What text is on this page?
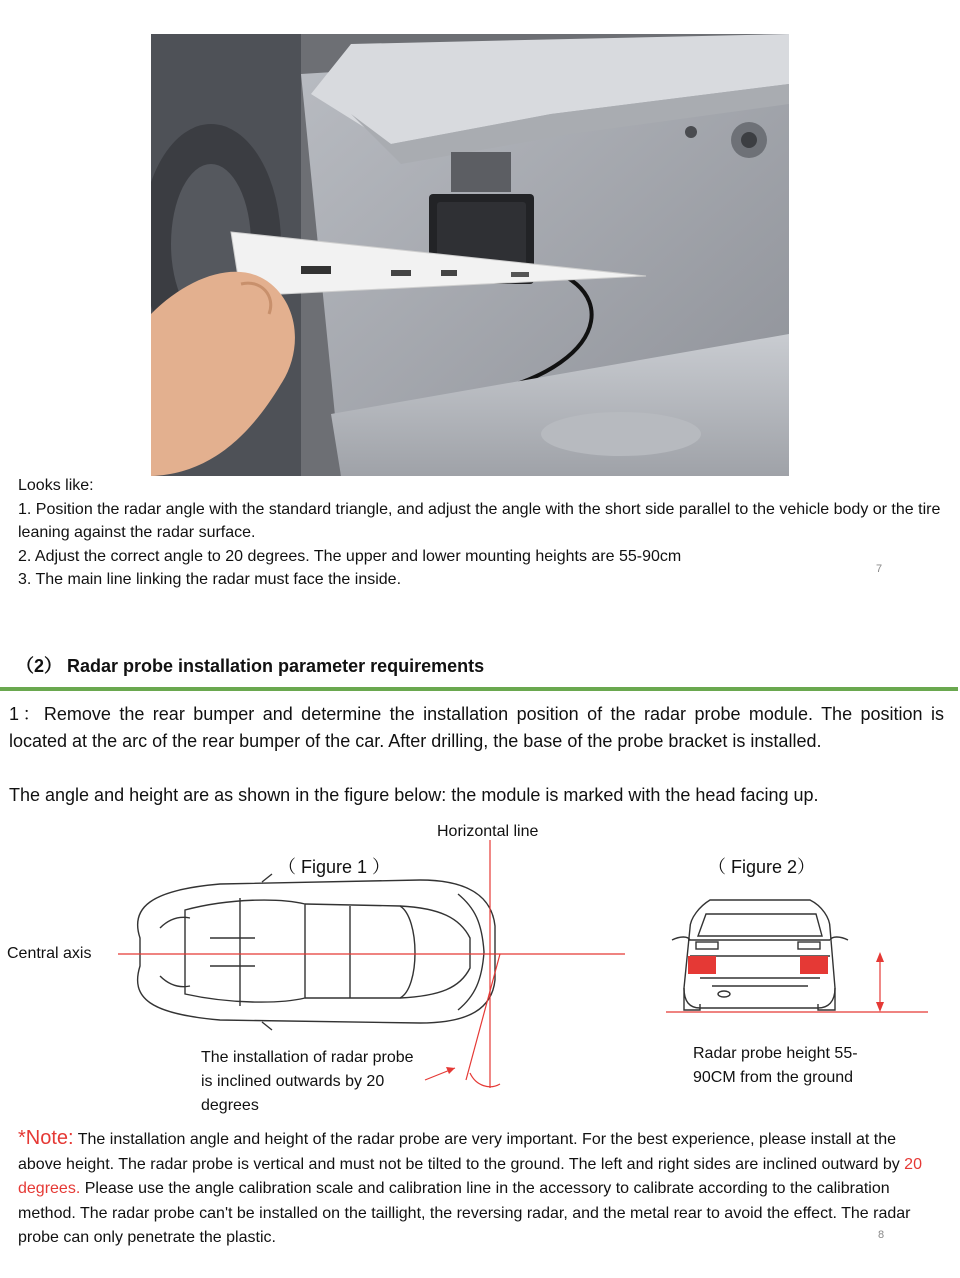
Looks like:

1. Position the radar angle with the standard triangle, and adjust the angle with the short side parallel to the vehicle body or the tire leaning against the radar surface.

2. Adjust the correct angle to 20 degrees. The upper and lower mounting heights are 55-90cm

3. The main line linking the radar must face the inside.

7
（2） Radar probe installation parameter requirements

1：Remove the rear bumper and determine the installation position of the radar probe module. The position is located at the arc of the rear bumper of the car. After drilling, the base of the probe bracket is installed.

The angle and height are as shown in the figure below: the module is marked with the head facing up.
Horizontal line
（ Figure 1 ）	（ Figure 2）
Central axis
The installation of radar probe is inclined outwards by 20 degrees
Radar probe height 55-90CM from the ground
*Note: The installation angle and height of the radar probe are very important. For the best experience, please install at the above height. The radar probe is vertical and must not be tilted to the ground. The left and right sides are inclined outward by 20 degrees. Please use the angle calibration scale and calibration line in the accessory to calibrate according to the calibration method. The radar probe can't be installed on the taillight, the reversing radar, and the metal rear to avoid the effect. The radar probe can only penetrate the plastic.	8
